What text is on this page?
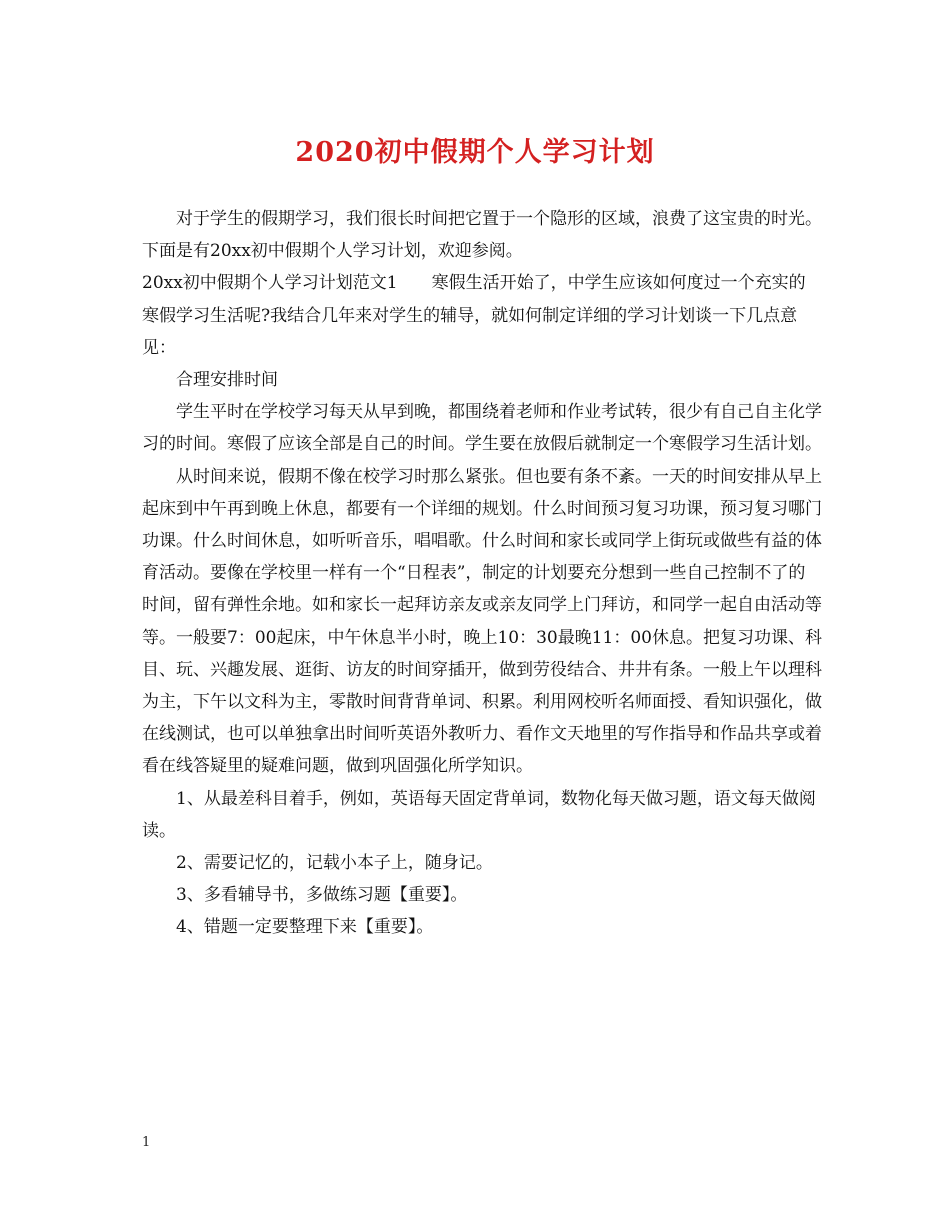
2020初中假期个人学习计划

对于学生的假期学习，我们很长时间把它置于一个隐形的区域，浪费了这宝贵的时光。下面是有20xx初中假期个人学习计划，欢迎参阅。

20xx初中假期个人学习计划范文1　　寒假生活开始了，中学生应该如何度过一个充实的寒假学习生活呢?我结合几年来对学生的辅导，就如何制定详细的学习计划谈一下几点意见：

合理安排时间

学生平时在学校学习每天从早到晚，都围绕着老师和作业考试转，很少有自己自主化学习的时间。寒假了应该全部是自己的时间。学生要在放假后就制定一个寒假学习生活计划。

从时间来说，假期不像在校学习时那么紧张。但也要有条不紊。一天的时间安排从早上起床到中午再到晚上休息，都要有一个详细的规划。什么时间预习复习功课，预习复习哪门功课。什么时间休息，如听听音乐，唱唱歌。什么时间和家长或同学上街玩或做些有益的体育活动。要像在学校里一样有一个“日程表”，制定的计划要充分想到一些自己控制不了的时间，留有弹性余地。如和家长一起拜访亲友或亲友同学上门拜访，和同学一起自由活动等等。一般要7：00起床，中午休息半小时，晚上10：30最晚11：00休息。把复习功课、科目、玩、兴趣发展、逛街、访友的时间穿插开，做到劳役结合、井井有条。一般上午以理科为主，下午以文科为主，零散时间背背单词、积累。利用网校听名师面授、看知识强化，做在线测试，也可以单独拿出时间听英语外教听力、看作文天地里的写作指导和作品共享或着看在线答疑里的疑难问题，做到巩固强化所学知识。

1、从最差科目着手，例如，英语每天固定背单词，数物化每天做习题，语文每天做阅读。

2、需要记忆的，记载小本子上，随身记。

3、多看辅导书，多做练习题【重要】。

4、错题一定要整理下来【重要】。

1
